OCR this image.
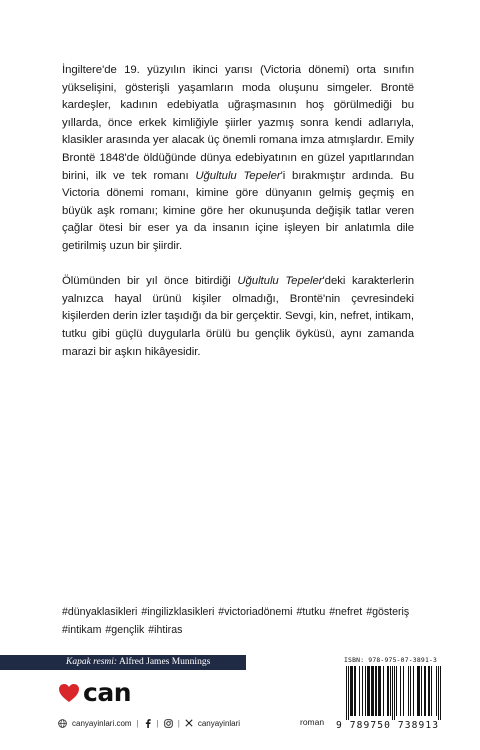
İngiltere'de 19. yüzyılın ikinci yarısı (Victoria dönemi) orta sınıfın yükselişini, gösterişli yaşamların moda oluşunu simgeler. Brontë kardeşler, kadının edebiyatla uğraşmasının hoş görülmediği bu yıllarda, önce erkek kimliğiyle şiirler yazmış sonra kendi adlarıyla, klasikler arasında yer alacak üç önemli romana imza atmışlardır. Emily Brontë 1848'de öldüğünde dünya edebiyatının en güzel yapıtlarından birini, ilk ve tek romanı Uğultulu Tepeler'i bırakmıştır ardında. Bu Victoria dönemi romanı, kimine göre dünyanın gelmiş geçmiş en büyük aşk romanı; kimine göre her okunuşunda değişik tatlar veren çağlar ötesi bir eser ya da insanın içine işleyen bir anlatımla dile getirilmiş uzun bir şiirdir.

Ölümünden bir yıl önce bitirdiği Uğultulu Tepeler'deki karakterlerin yalnızca hayal ürünü kişiler olmadığı, Brontë'nin çevresindeki kişilerden derin izler taşıdığı da bir gerçektir. Sevgi, kin, nefret, intikam, tutku gibi güçlü duygularla örülü bu gençlik öyküsü, aynı zamanda marazi bir aşkın hikâyesidir.

#dünyaklasikleri #ingilizklasikleri #victoriadönemi #tutku #nefret #gösteriş
#intikam #gençlik #ihtiras
Kapak resmi: Alfred James Munnings
can
canyayinlari.com | | | canyayinlari	roman
ISBN: 978-975-07-3891-3
9 789750 738913
